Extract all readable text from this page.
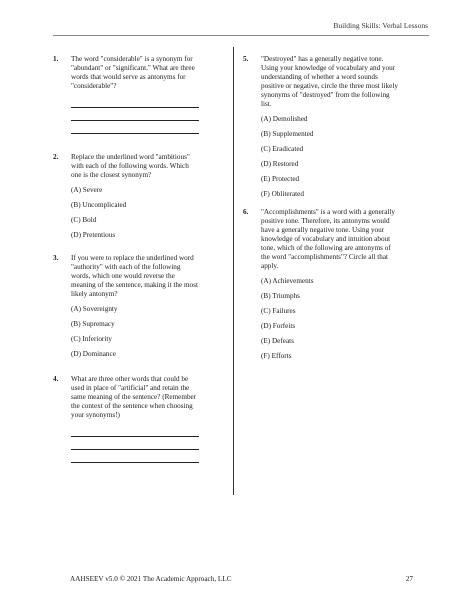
Building Skills: Verbal Lessons
1. The word "considerable" is a synonym for "abundant" or "significant." What are three words that would serve as antonyms for "considerable"?
2. Replace the underlined word "ambitious" with each of the following words. Which one is the closest synonym?
(A) Severe
(B) Uncomplicated
(C) Bold
(D) Pretentious
3. If you were to replace the underlined word "authority" with each of the following words, which one would reverse the meaning of the sentence, making it the most likely antonym?
(A) Sovereignty
(B) Supremacy
(C) Inferiority
(D) Dominance
4. What are three other words that could be used in place of "artificial" and retain the same meaning of the sentence? (Remember the context of the sentence when choosing your synonyms!)
5. "Destroyed" has a generally negative tone. Using your knowledge of vocabulary and your understanding of whether a word sounds positive or negative, circle the three most likely synonyms of "destroyed" from the following list.
(A) Demolished
(B) Supplemented
(C) Eradicated
(D) Restored
(E) Protected
(F) Obliterated
6. "Accomplishments" is a word with a generally positive tone. Therefore, its antonyms would have a generally negative tone. Using your knowledge of vocabulary and intuition about tone, which of the following are antonyms of the word "accomplishments"? Circle all that apply.
(A) Achievements
(B) Triumphs
(C) Failures
(D) Forfeits
(E) Defeats
(F) Efforts
AAHSEEV v5.0 © 2021 The Academic Approach, LLC	27
